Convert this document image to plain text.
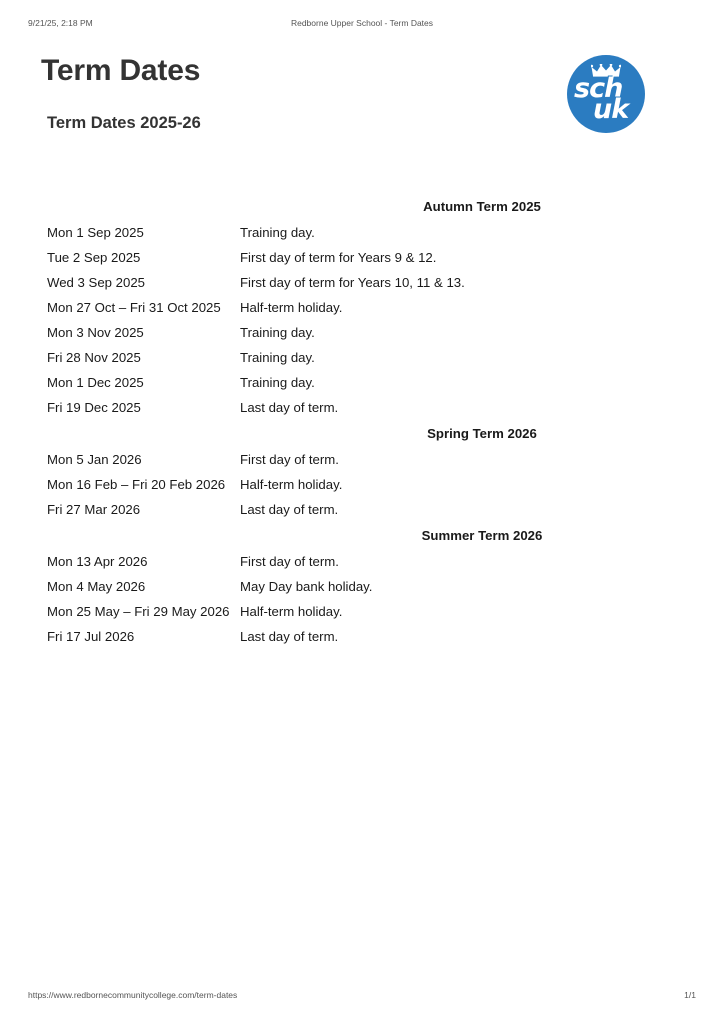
9/21/25, 2:18 PM	Redborne Upper School - Term Dates
Term Dates
sch
uk
Term Dates 2025-26
	Autumn Term 2025
Mon 1 Sep 2025	Training day.
Tue 2 Sep 2025	First day of term for Years 9 & 12.
Wed 3 Sep 2025	First day of term for Years 10, 11 & 13.
Mon 27 Oct – Fri 31 Oct 2025	Half-term holiday.
Mon 3 Nov 2025	Training day.
Fri 28 Nov 2025	Training day.
Mon 1 Dec 2025	Training day.
Fri 19 Dec 2025	Last day of term.
	Spring Term 2026
Mon 5 Jan 2026	First day of term.
Mon 16 Feb – Fri 20 Feb 2026	Half-term holiday.
Fri 27 Mar 2026	Last day of term.
	Summer Term 2026
Mon 13 Apr 2026	First day of term.
Mon 4 May 2026	May Day bank holiday.
Mon 25 May – Fri 29 May 2026	Half-term holiday.
Fri 17 Jul 2026	Last day of term.
https://www.redbornecommunitycollege.com/term-dates	1/1
